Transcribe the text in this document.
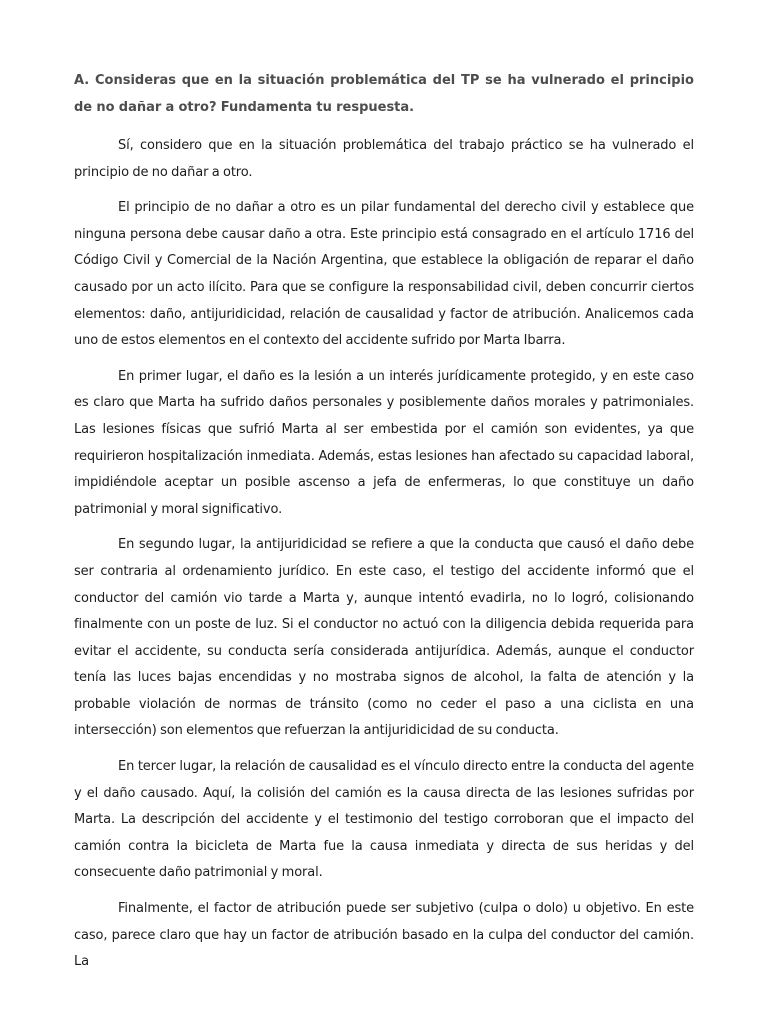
A. Consideras que en la situación problemática del TP se ha vulnerado el principio de no dañar a otro? Fundamenta tu respuesta.

Sí, considero que en la situación problemática del trabajo práctico se ha vulnerado el principio de no dañar a otro.

El principio de no dañar a otro es un pilar fundamental del derecho civil y establece que ninguna persona debe causar daño a otra. Este principio está consagrado en el artículo 1716 del Código Civil y Comercial de la Nación Argentina, que establece la obligación de reparar el daño causado por un acto ilícito. Para que se configure la responsabilidad civil, deben concurrir ciertos elementos: daño, antijuridicidad, relación de causalidad y factor de atribución. Analicemos cada uno de estos elementos en el contexto del accidente sufrido por Marta Ibarra.

En primer lugar, el daño es la lesión a un interés jurídicamente protegido, y en este caso es claro que Marta ha sufrido daños personales y posiblemente daños morales y patrimoniales. Las lesiones físicas que sufrió Marta al ser embestida por el camión son evidentes, ya que requirieron hospitalización inmediata. Además, estas lesiones han afectado su capacidad laboral, impidiéndole aceptar un posible ascenso a jefa de enfermeras, lo que constituye un daño patrimonial y moral significativo.

En segundo lugar, la antijuridicidad se refiere a que la conducta que causó el daño debe ser contraria al ordenamiento jurídico. En este caso, el testigo del accidente informó que el conductor del camión vio tarde a Marta y, aunque intentó evadirla, no lo logró, colisionando finalmente con un poste de luz. Si el conductor no actuó con la diligencia debida requerida para evitar el accidente, su conducta sería considerada antijurídica. Además, aunque el conductor tenía las luces bajas encendidas y no mostraba signos de alcohol, la falta de atención y la probable violación de normas de tránsito (como no ceder el paso a una ciclista en una intersección) son elementos que refuerzan la antijuridicidad de su conducta.

En tercer lugar, la relación de causalidad es el vínculo directo entre la conducta del agente y el daño causado. Aquí, la colisión del camión es la causa directa de las lesiones sufridas por Marta. La descripción del accidente y el testimonio del testigo corroboran que el impacto del camión contra la bicicleta de Marta fue la causa inmediata y directa de sus heridas y del consecuente daño patrimonial y moral.

Finalmente, el factor de atribución puede ser subjetivo (culpa o dolo) u objetivo. En este caso, parece claro que hay un factor de atribución basado en la culpa del conductor del camión. La
